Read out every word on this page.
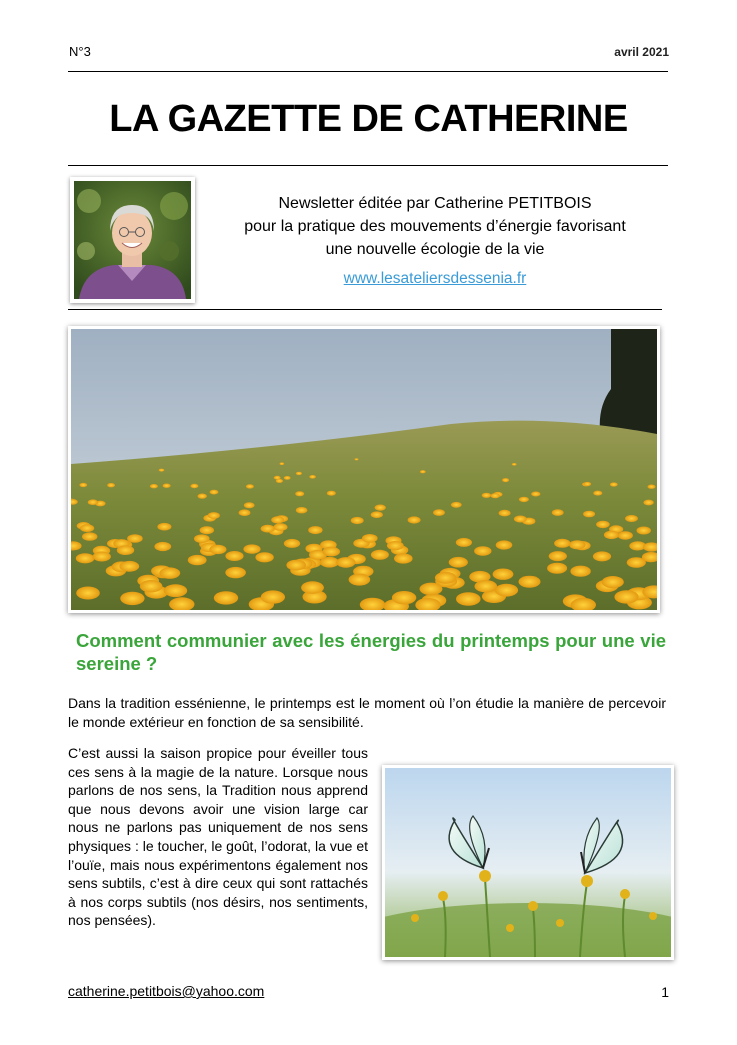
N°3	avril 2021
LA GAZETTE DE CATHERINE
Newsletter éditée par Catherine PETITBOIS
pour la pratique des mouvements d’énergie favorisant
une nouvelle écologie de la vie
www.lesateliersdessenia.fr
Comment communier avec les énergies du printemps pour une vie sereine ?

Dans la tradition essénienne, le printemps est le moment où l’on étudie la manière de percevoir le monde extérieur en fonction de sa sensibilité.

C’est aussi la saison propice pour éveiller tous ces sens à la magie de la nature. Lorsque nous parlons de nos sens, la Tradition nous apprend que nous devons avoir une vision large car nous ne parlons pas uniquement de nos sens physiques : le toucher, le goût, l’odorat, la vue et l’ouïe, mais nous expérimentons également nos sens subtils, c’est à dire ceux qui sont rattachés à nos corps subtils (nos désirs, nos sentiments, nos pensées).

catherine.petitbois@yahoo.com	1
